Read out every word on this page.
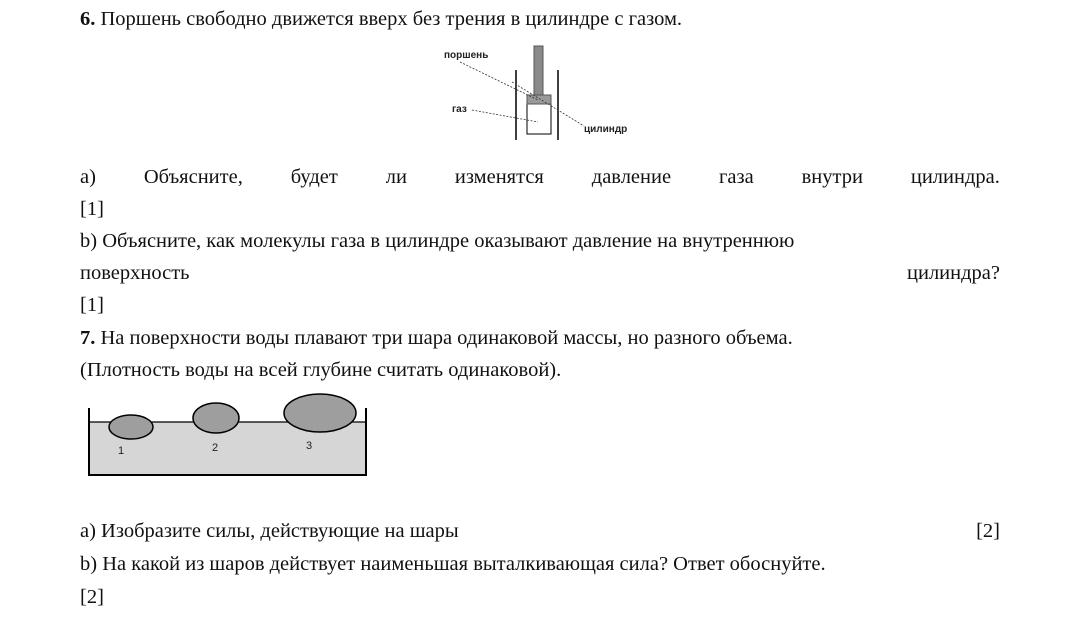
6. Поршень свободно движется вверх без трения в цилиндре с газом.
поршень
газ
цилиндр
a) Объясните, будет ли изменятся давление газа внутри цилиндра.
[1]
b) Объясните, как молекулы газа в цилиндре оказывают давление на внутреннюю
поверхность	цилиндра?
[1]
7. На поверхности воды плавают три шара одинаковой массы, но разного объема.
(Плотность воды на всей глубине считать одинаковой).
1	2	3
a) Изобразите силы, действующие на шары	[2]
b) На какой из шаров действует наименьшая выталкивающая сила? Ответ обоснуйте.
[2]
